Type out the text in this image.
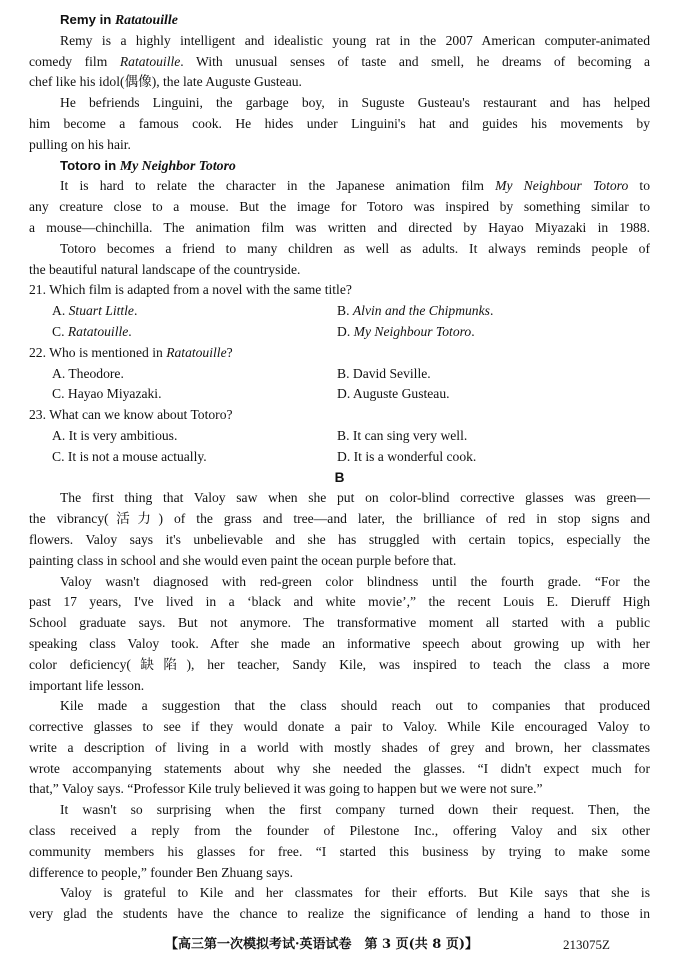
Remy in Ratatouille
Remy is a highly intelligent and idealistic young rat in the 2007 American computer-animated
comedy film Ratatouille. With unusual senses of taste and smell, he dreams of becoming a
chef like his idol(偶像), the late Auguste Gusteau.
He befriends Linguini, the garbage boy, in Suguste Gusteau's restaurant and has helped
him become a famous cook. He hides under Linguini's hat and guides his movements by
pulling on his hair.
Totoro in My Neighbor Totoro
It is hard to relate the character in the Japanese animation film My Neighbour Totoro to
any creature close to a mouse. But the image for Totoro was inspired by something similar to
a mouse—chinchilla. The animation film was written and directed by Hayao Miyazaki in 1988.
Totoro becomes a friend to many children as well as adults. It always reminds people of
the beautiful natural landscape of the countryside.
21. Which film is adapted from a novel with the same title?
A. Stuart Little.	B. Alvin and the Chipmunks.
C. Ratatouille.	D. My Neighbour Totoro.
22. Who is mentioned in Ratatouille?
A. Theodore.	B. David Seville.
C. Hayao Miyazaki.	D. Auguste Gusteau.
23. What can we know about Totoro?
A. It is very ambitious.	B. It can sing very well.
C. It is not a mouse actually.	D. It is a wonderful cook.
B
The first thing that Valoy saw when she put on color-blind corrective glasses was green—
the vibrancy(活力) of the grass and tree—and later, the brilliance of red in stop signs and
flowers. Valoy says it's unbelievable and she has struggled with certain topics, especially the
painting class in school and she would even paint the ocean purple before that.
Valoy wasn't diagnosed with red-green color blindness until the fourth grade. “For the
past 17 years, I've lived in a ‘black and white movie’,” the recent Louis E. Dieruff High
School graduate says. But not anymore. The transformative moment all started with a public
speaking class Valoy took. After she made an informative speech about growing up with her
color deficiency(缺陷), her teacher, Sandy Kile, was inspired to teach the class a more
important life lesson.
Kile made a suggestion that the class should reach out to companies that produced
corrective glasses to see if they would donate a pair to Valoy. While Kile encouraged Valoy to
write a description of living in a world with mostly shades of grey and brown, her classmates
wrote accompanying statements about why she needed the glasses. “I didn't expect much for
that,” Valoy says. “Professor Kile truly believed it was going to happen but we were not sure.”
It wasn't so surprising when the first company turned down their request. Then, the
class received a reply from the founder of Pilestone Inc., offering Valoy and six other
community members his glasses for free. “I started this business by trying to make some
difference to people,” founder Ben Zhuang says.
Valoy is grateful to Kile and her classmates for their efforts. But Kile says that she is
very glad the students have the chance to realize the significance of lending a hand to those in
【高三第一次模拟考试·英语试卷　第 3 页(共 8 页)】	213075Z
